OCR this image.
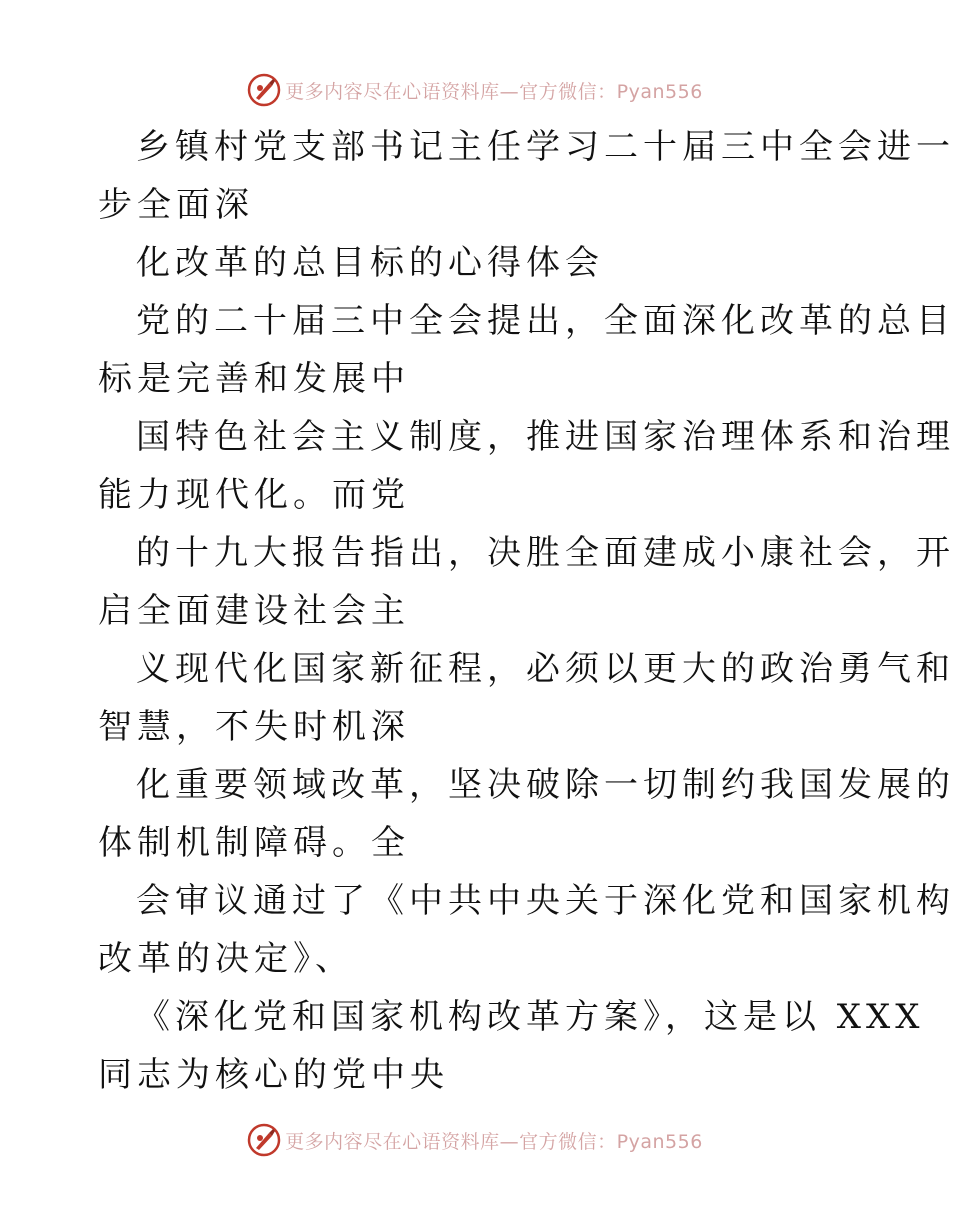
更多内容尽在心语资料库—官方微信：Pyan556
乡镇村党支部书记主任学习二十届三中全会进一
步全面深
化改革的总目标的心得体会
党的二十届三中全会提出，全面深化改革的总目
标是完善和发展中
国特色社会主义制度，推进国家治理体系和治理
能力现代化。而党
的十九大报告指出，决胜全面建成小康社会，开
启全面建设社会主
义现代化国家新征程，必须以更大的政治勇气和
智慧，不失时机深
化重要领域改革，坚决破除一切制约我国发展的
体制机制障碍。全
会审议通过了《中共中央关于深化党和国家机构
改革的决定》、
《深化党和国家机构改革方案》，这是以 XXX
同志为核心的党中央
更多内容尽在心语资料库—官方微信：Pyan556
